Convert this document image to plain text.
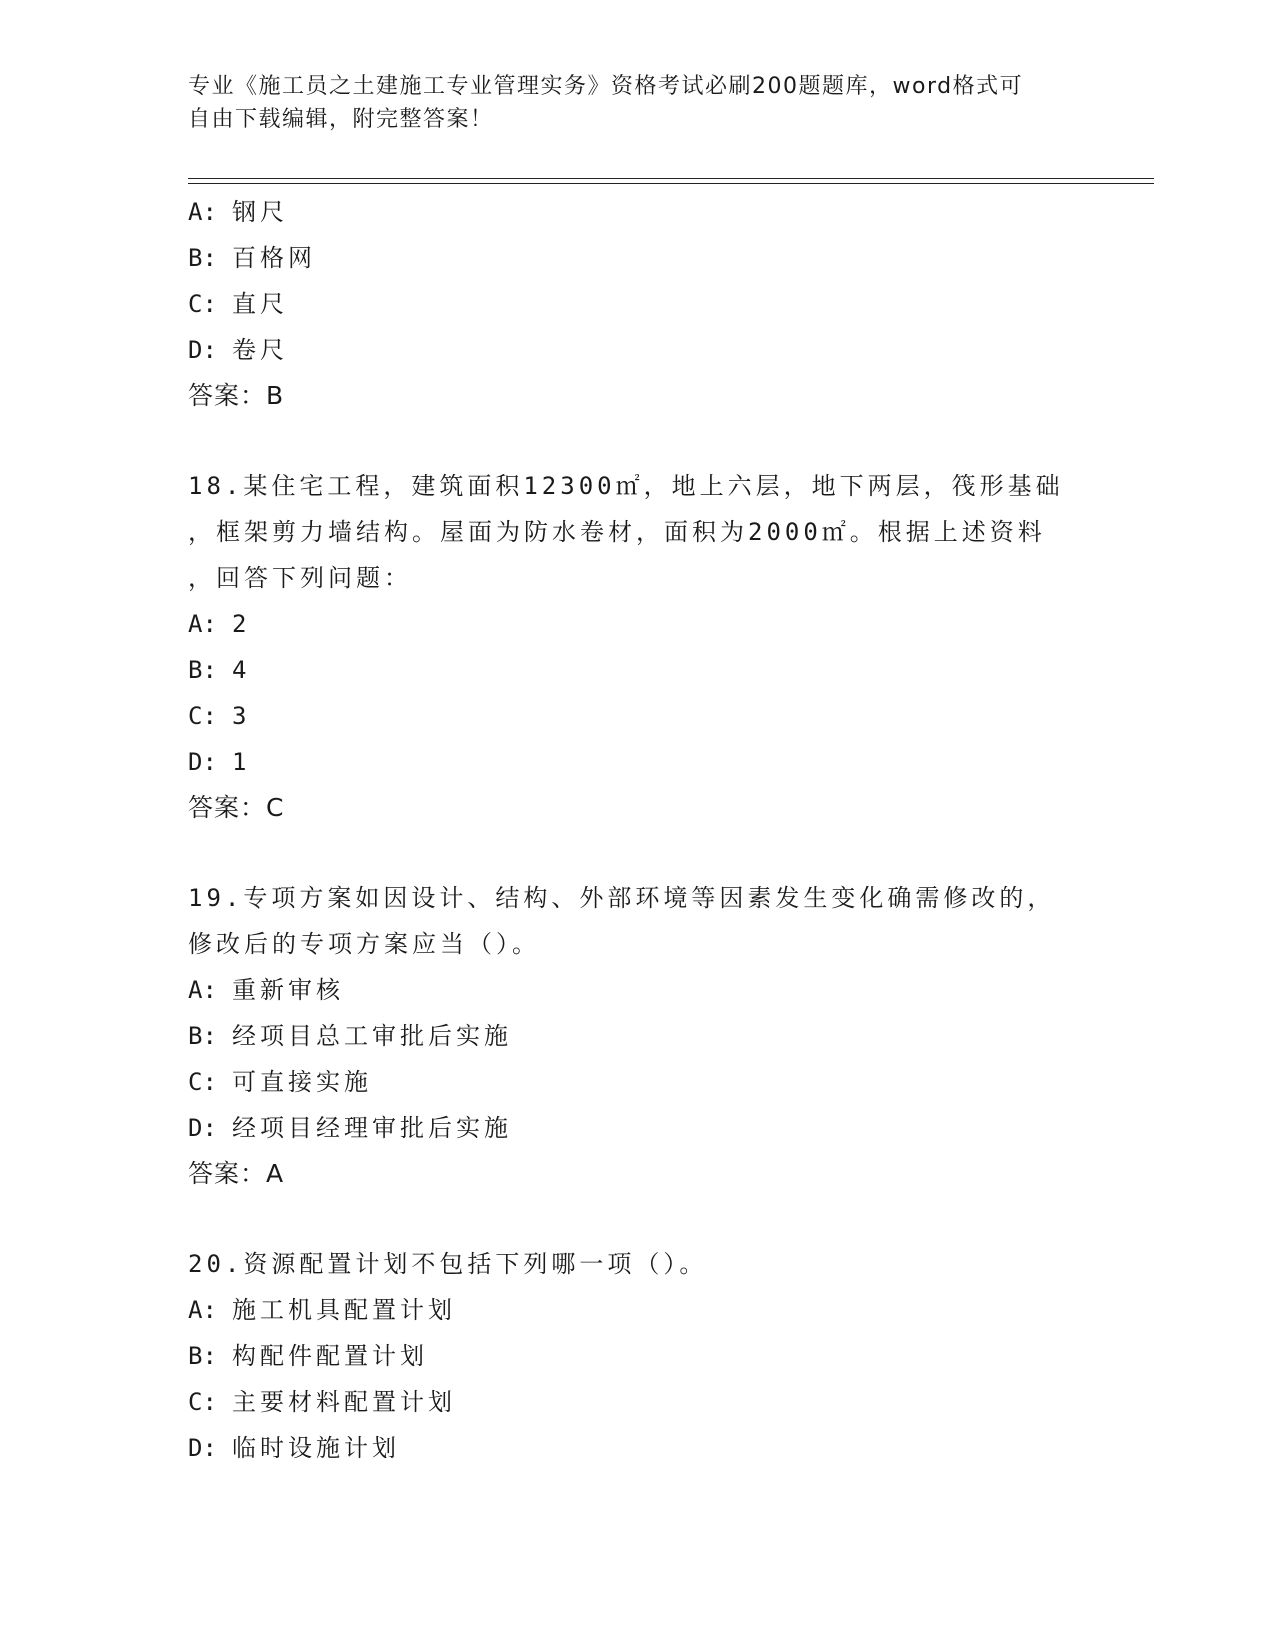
专业《施工员之土建施工专业管理实务》资格考试必刷200题题库，word格式可
自由下载编辑，附完整答案！
A: 钢尺
B: 百格网
C: 直尺
D: 卷尺
答案：B
18.某住宅工程，建筑面积12300㎡，地上六层，地下两层，筏形基础
，框架剪力墙结构。屋面为防水卷材，面积为2000㎡。根据上述资料
，回答下列问题：
A: 2
B: 4
C: 3
D: 1
答案：C
19.专项方案如因设计、结构、外部环境等因素发生变化确需修改的，
修改后的专项方案应当（）。
A: 重新审核
B: 经项目总工审批后实施
C: 可直接实施
D: 经项目经理审批后实施
答案：A
20.资源配置计划不包括下列哪一项（）。
A: 施工机具配置计划
B: 构配件配置计划
C: 主要材料配置计划
D: 临时设施计划
